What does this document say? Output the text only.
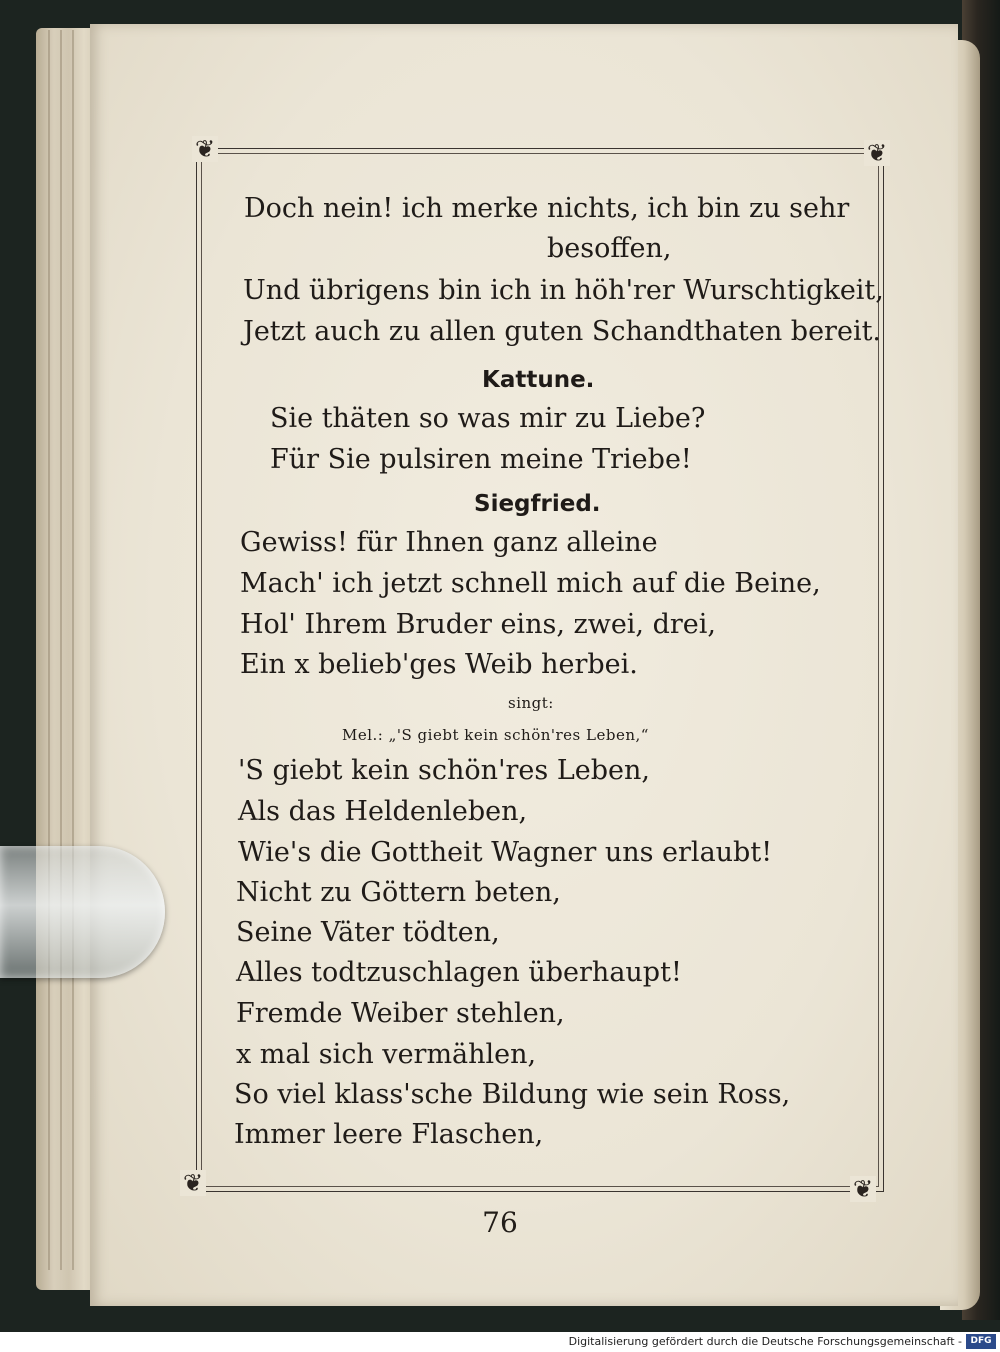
❦	❦
❦	❦
Doch nein! ich merke nichts, ich bin zu sehr
besoffen,
Und übrigens bin ich in höh'rer Wurschtigkeit,
Jetzt auch zu allen guten Schandthaten bereit.
Kattune.
Sie thäten so was mir zu Liebe?
Für Sie pulsiren meine Triebe!
Siegfried.
Gewiss! für Ihnen ganz alleine
Mach' ich jetzt schnell mich auf die Beine,
Hol' Ihrem Bruder eins, zwei, drei,
Ein x belieb'ges Weib herbei.
singt:
Mel.: „'S giebt kein schön'res Leben,“
'S giebt kein schön'res Leben,
Als das Heldenleben,
Wie's die Gottheit Wagner uns erlaubt!
Nicht zu Göttern beten,
Seine Väter tödten,
Alles todtzuschlagen überhaupt!
Fremde Weiber stehlen,
x mal sich vermählen,
So viel klass'sche Bildung wie sein Ross,
Immer leere Flaschen,
76
Digitalisierung gefördert durch die Deutsche Forschungsgemeinschaft - DFG
